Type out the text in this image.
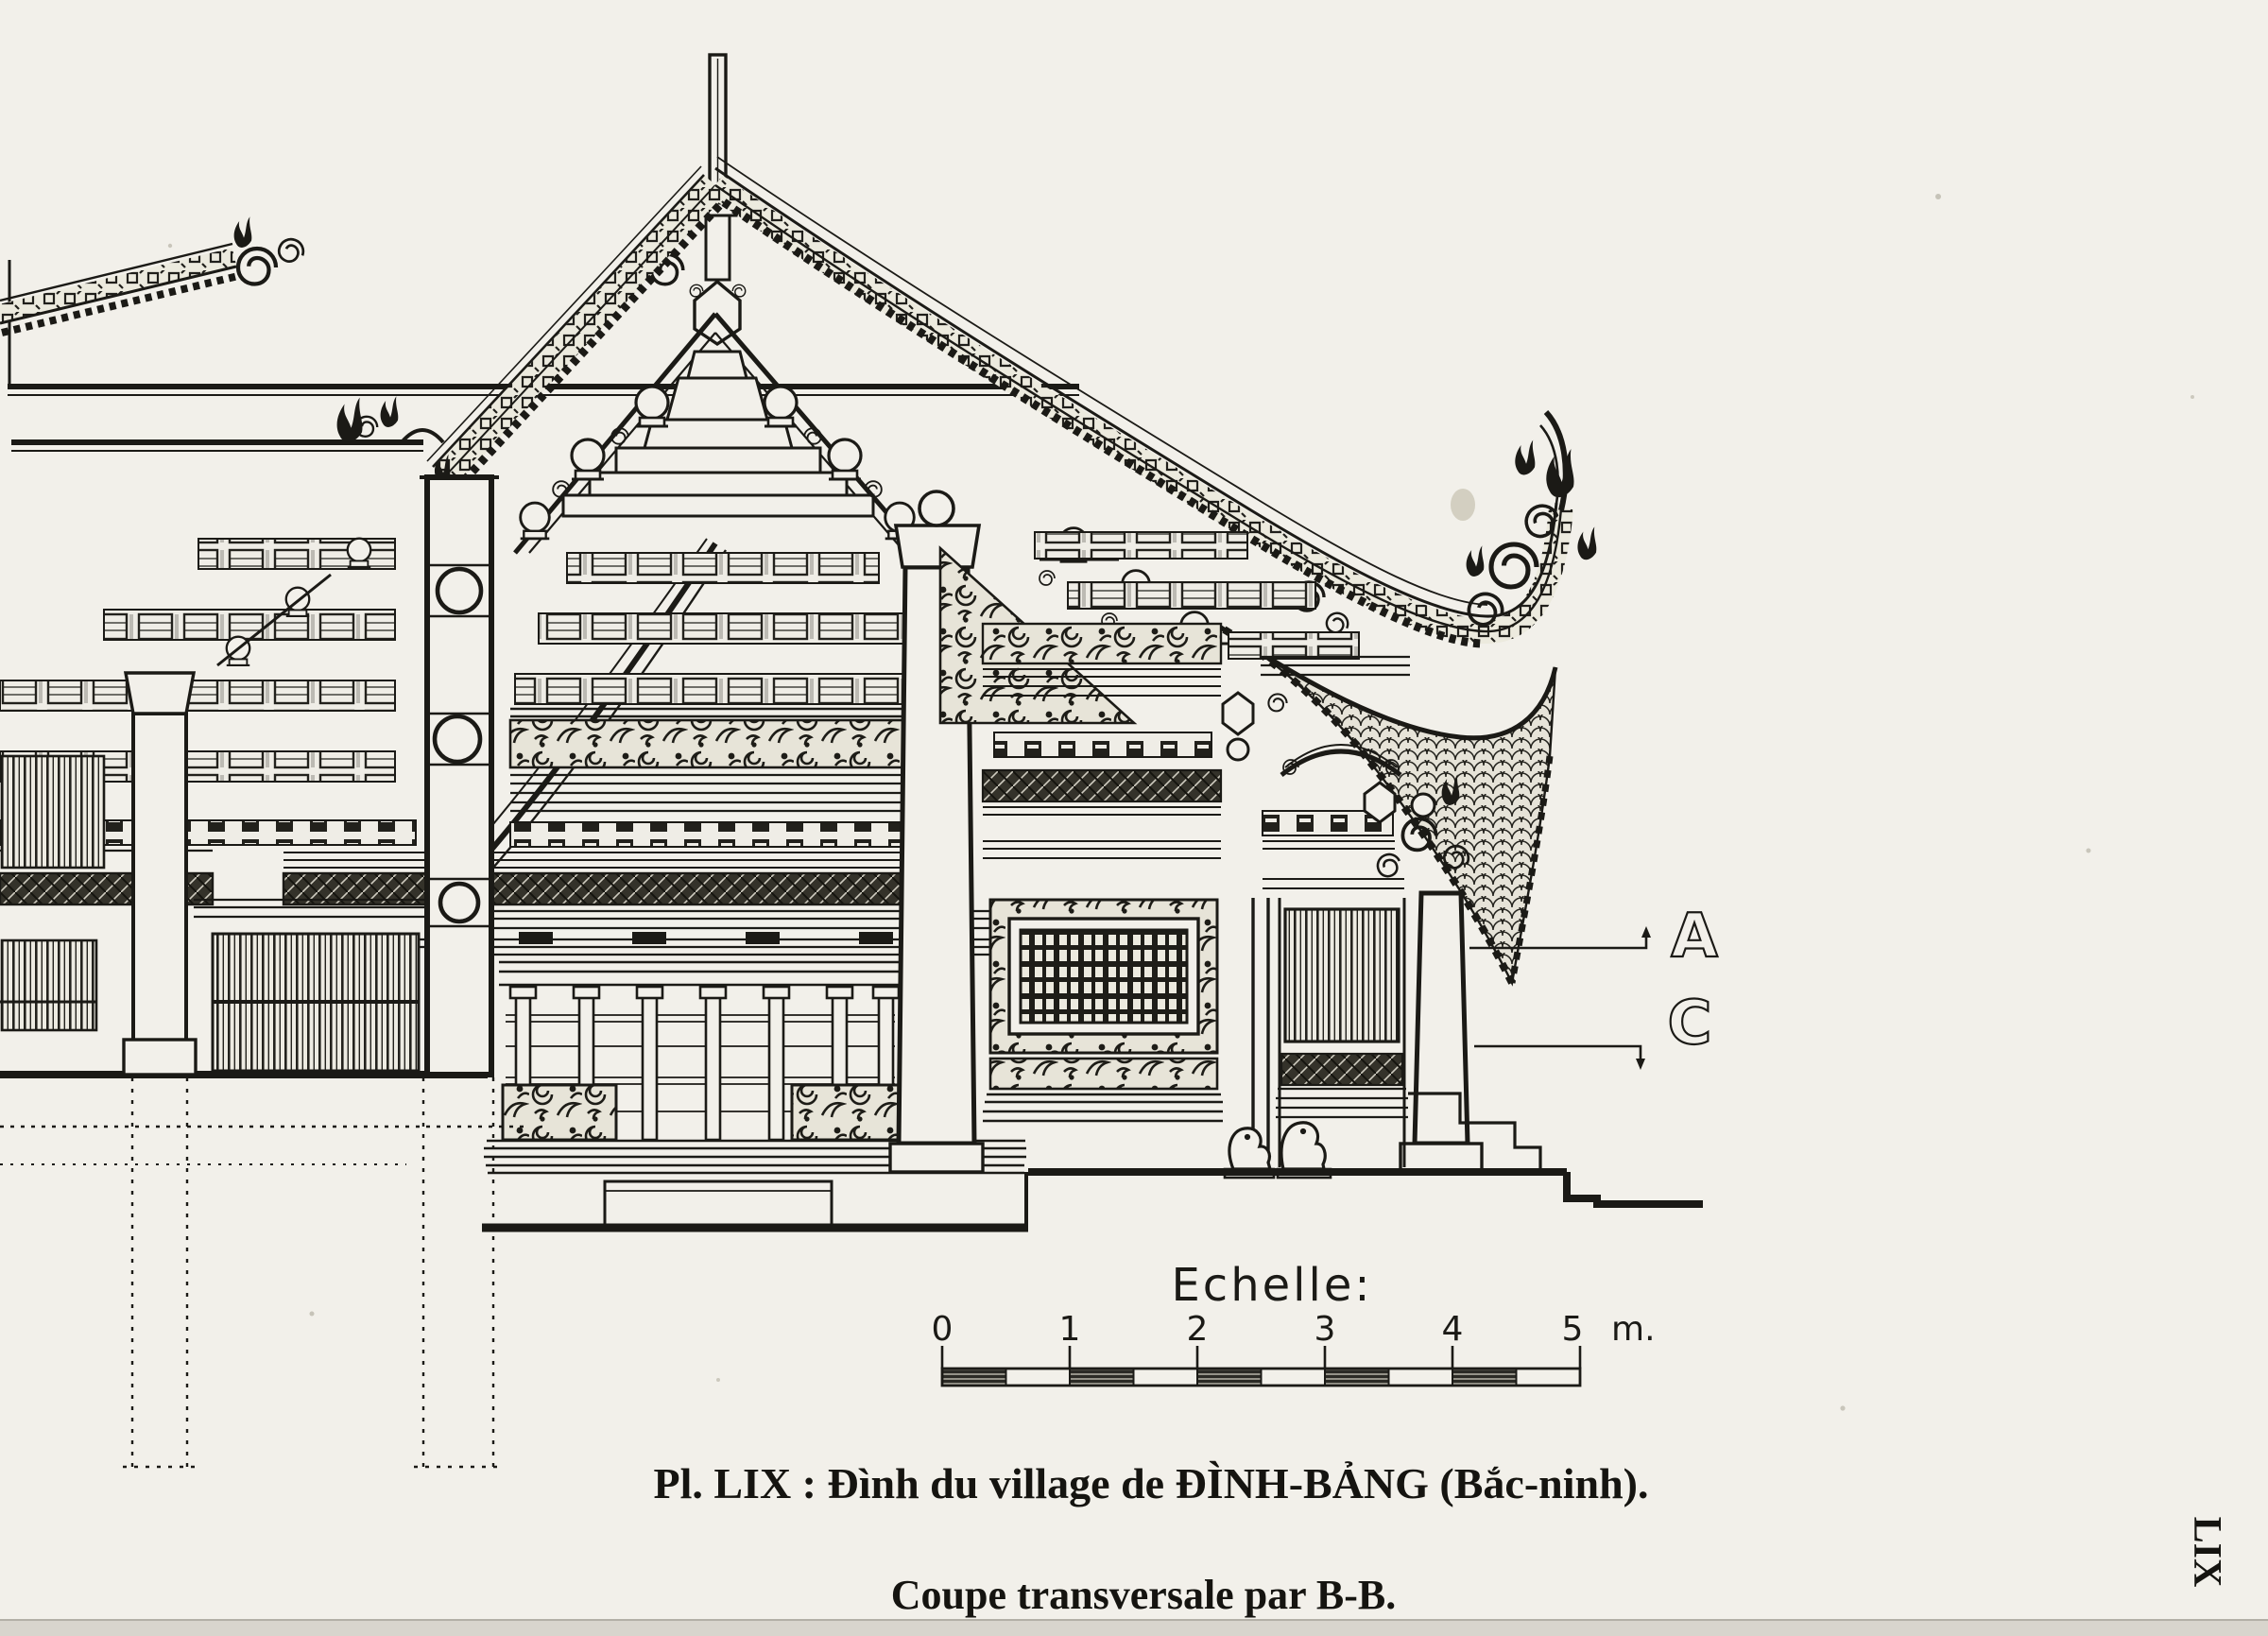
A
C
Echelle:
0	1	2	3	4	5 m.
Pl. LIX : Đình du village de ĐÌNH-BẢNG (Bắc-ninh).
Coupe transversale par B-B.
LIX
